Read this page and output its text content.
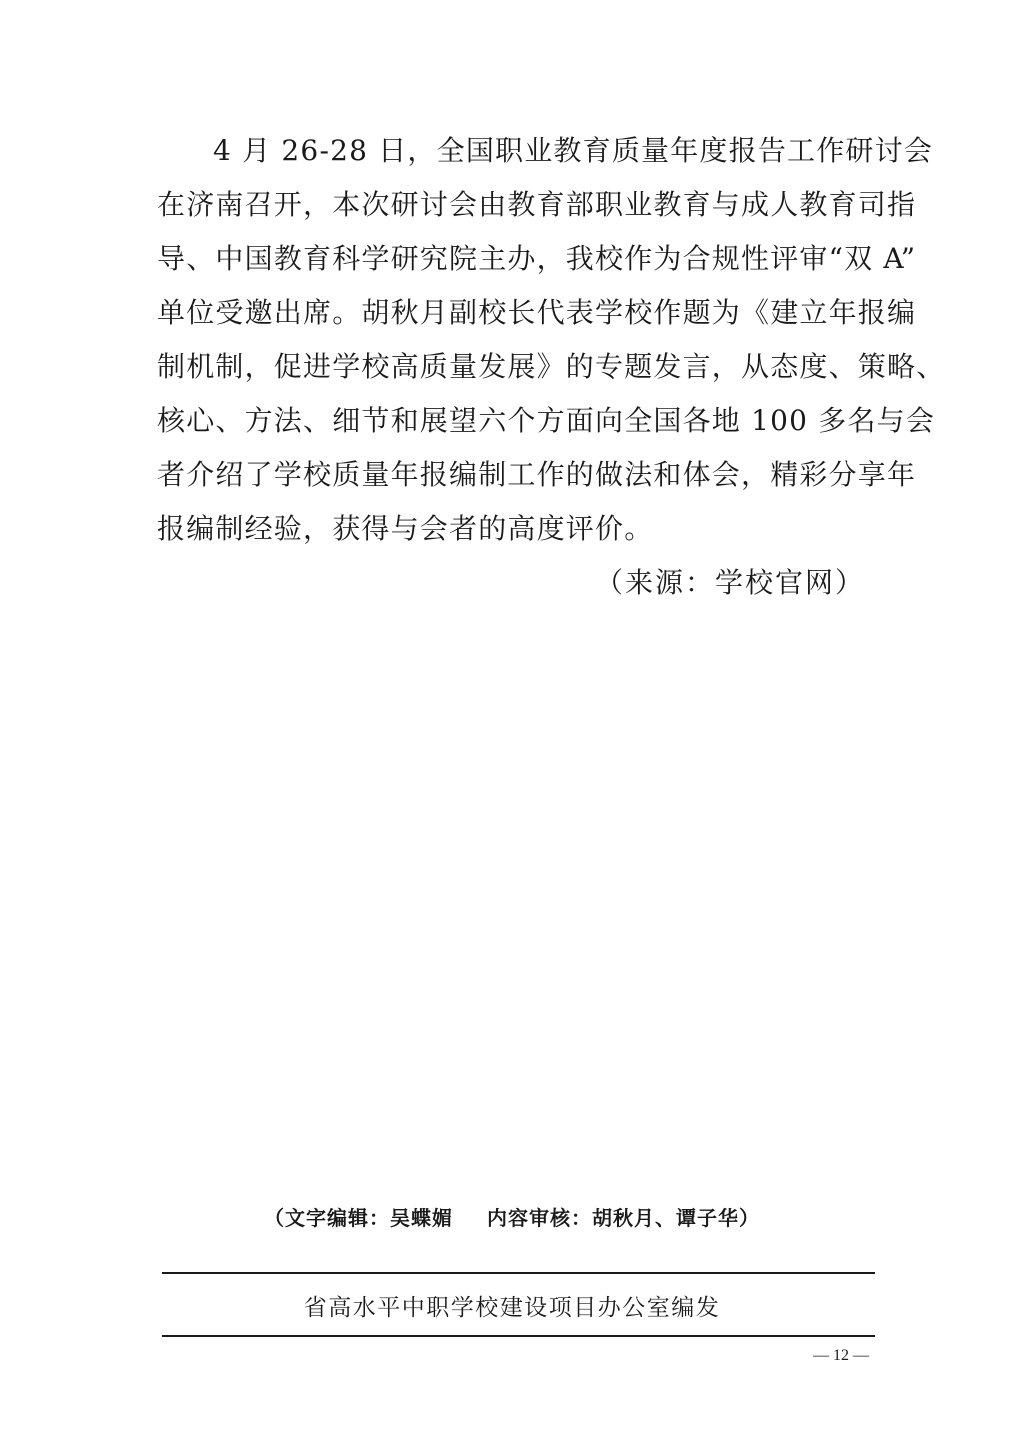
4 月 26-28 日，全国职业教育质量年度报告工作研讨会
在济南召开，本次研讨会由教育部职业教育与成人教育司指
导、中国教育科学研究院主办，我校作为合规性评审“双 A”
单位受邀出席。胡秋月副校长代表学校作题为《建立年报编
制机制，促进学校高质量发展》的专题发言，从态度、策略、
核心、方法、细节和展望六个方面向全国各地 100 多名与会
者介绍了学校质量年报编制工作的做法和体会，精彩分享年
报编制经验，获得与会者的高度评价。
（来源：学校官网）
（文字编辑：吴蝶媚 内容审核：胡秋月、谭子华）
省高水平中职学校建设项目办公室编发
— 12 —
